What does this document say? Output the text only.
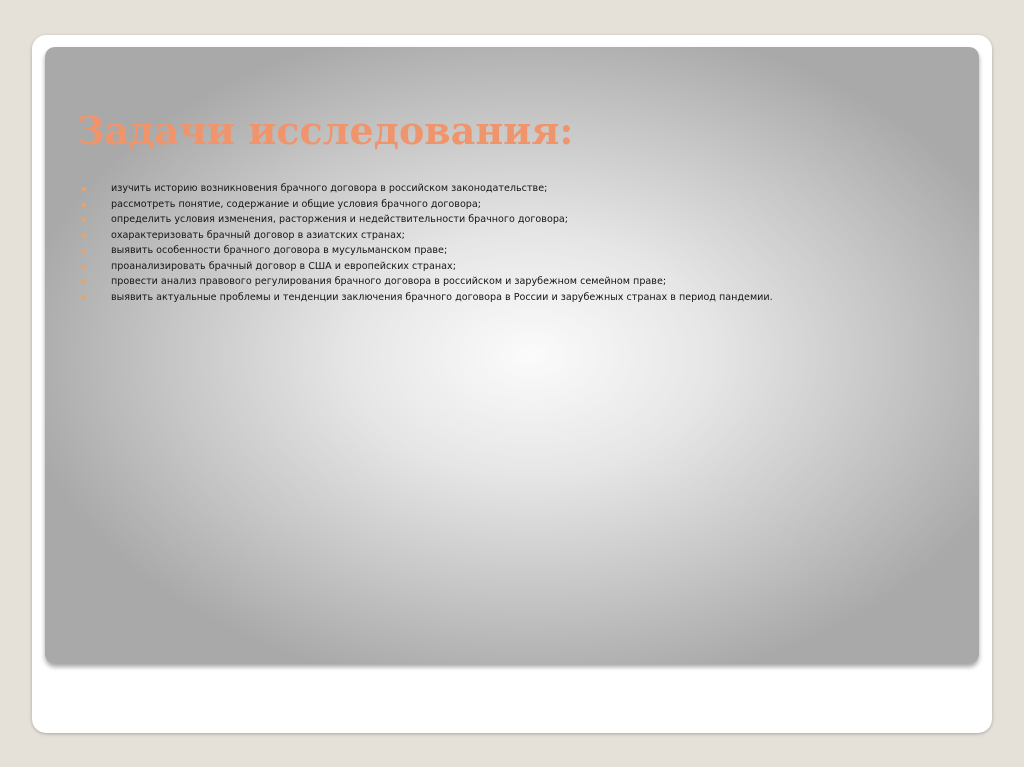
Задачи исследования:
▪	изучить историю возникновения брачного договора в российском законодательстве;
▪	рассмотреть понятие, содержание и общие условия брачного договора;
▪	определить условия изменения, расторжения и недействительности брачного договора;
▪	охарактеризовать брачный договор в азиатских странах;
▪	выявить особенности брачного договора в мусульманском праве;
▪	проанализировать брачный договор в США и европейских странах;
▪	провести анализ правового регулирования брачного договора в российском и зарубежном семейном праве;
▪	выявить актуальные проблемы и тенденции заключения брачного договора в России и зарубежных странах в период пандемии.
